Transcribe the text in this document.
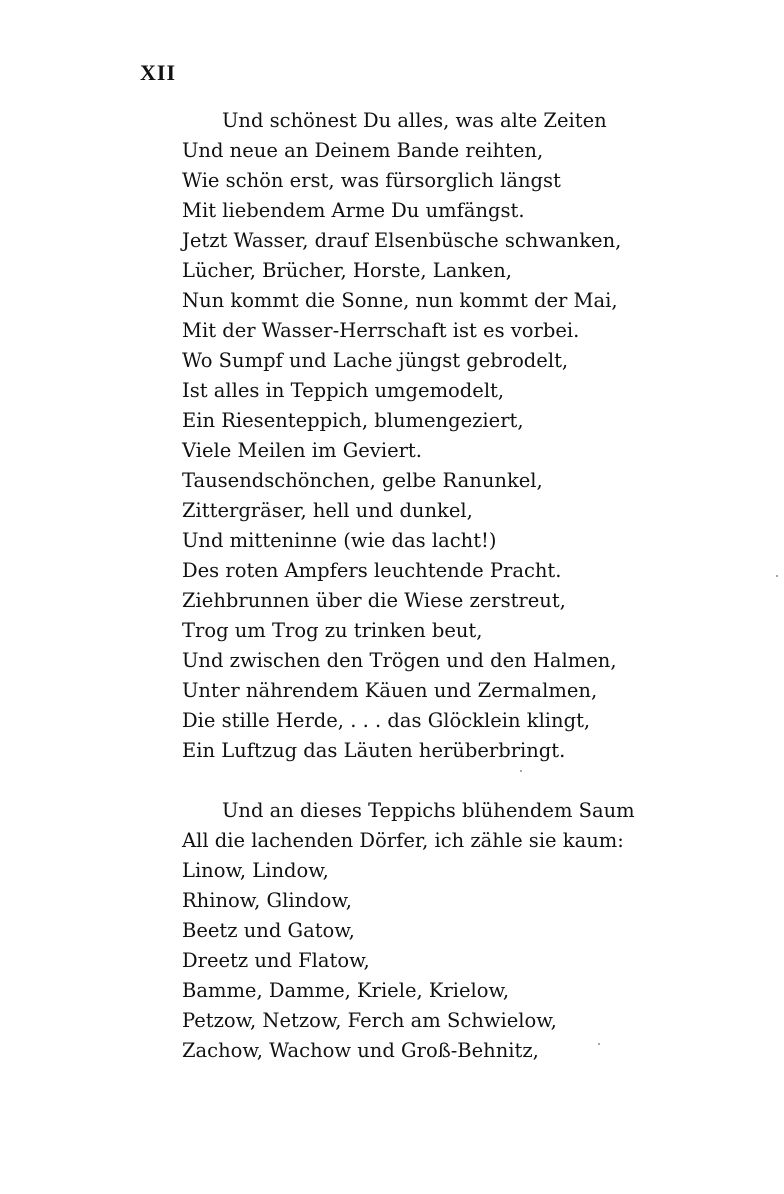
XII
Und schönest Du alles, was alte Zeiten
Und neue an Deinem Bande reihten,
Wie schön erst, was fürsorglich längst
Mit liebendem Arme Du umfängst.
Jetzt Wasser, drauf Elsenbüsche schwanken,
Lücher, Brücher, Horste, Lanken,
Nun kommt die Sonne, nun kommt der Mai,
Mit der Wasser-Herrschaft ist es vorbei.
Wo Sumpf und Lache jüngst gebrodelt,
Ist alles in Teppich umgemodelt,
Ein Riesenteppich, blumengeziert,
Viele Meilen im Geviert.
Tausendschönchen, gelbe Ranunkel,
Zittergräser, hell und dunkel,
Und mitteninne (wie das lacht!)
Des roten Ampfers leuchtende Pracht.
Ziehbrunnen über die Wiese zerstreut,
Trog um Trog zu trinken beut,
Und zwischen den Trögen und den Halmen,
Unter nährendem Käuen und Zermalmen,
Die stille Herde, . . . das Glöcklein klingt,
Ein Luftzug das Läuten herüberbringt.
Und an dieses Teppichs blühendem Saum
All die lachenden Dörfer, ich zähle sie kaum:
Linow, Lindow,
Rhinow, Glindow,
Beetz und Gatow,
Dreetz und Flatow,
Bamme, Damme, Kriele, Krielow,
Petzow, Netzow, Ferch am Schwielow,
Zachow, Wachow und Groß-Behnitz,
